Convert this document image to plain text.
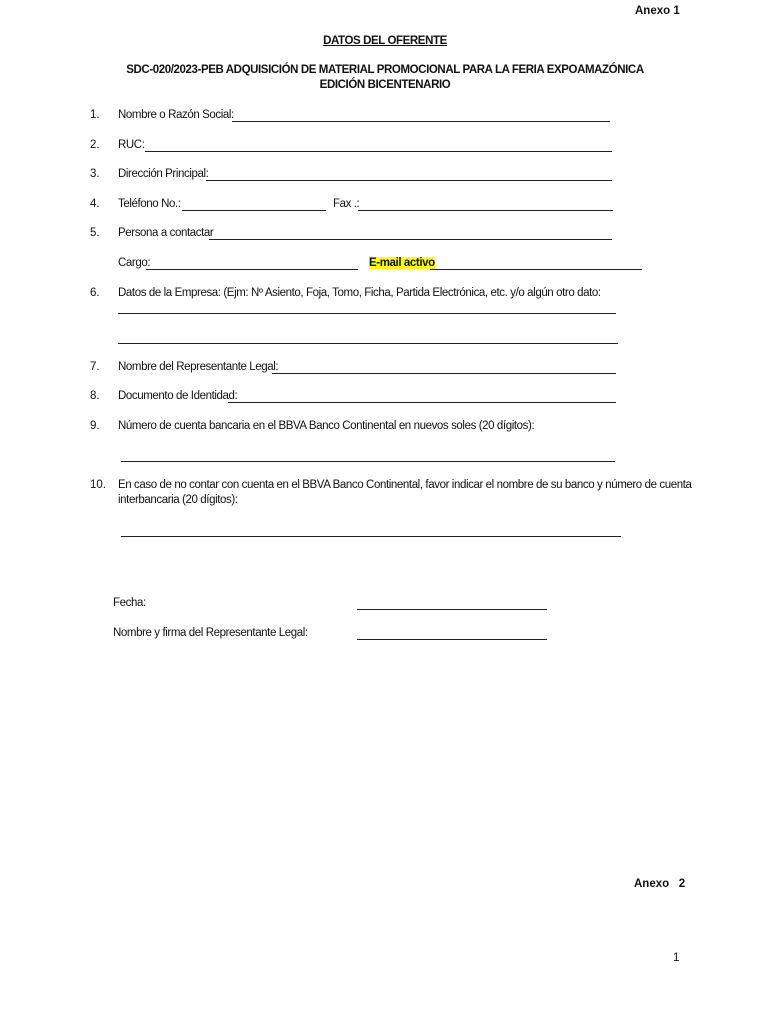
Anexo 1
DATOS DEL OFERENTE
SDC-020/2023-PEB ADQUISICIÓN DE MATERIAL PROMOCIONAL PARA LA FERIA EXPOAMAZÓNICA
EDICIÓN BICENTENARIO
1. Nombre o Razón Social:
2. RUC:
3. Dirección Principal:
4. Teléfono No.:	Fax .:
5. Persona a contactar
Cargo:	E-mail activo
6. Datos de la Empresa: (Ejm: Nº Asiento, Foja, Tomo, Ficha, Partida Electrónica, etc. y/o algún otro dato:
7. Nombre del Representante Legal:
8. Documento de Identidad:
9. Número de cuenta bancaria en el BBVA Banco Continental en nuevos soles (20 dígitos):
10. En caso de no contar con cuenta en el BBVA Banco Continental, favor indicar el nombre de su banco y número de cuenta
interbancaria (20 dígitos):
Fecha:
Nombre y firma del Representante Legal:
Anexo   2
1
